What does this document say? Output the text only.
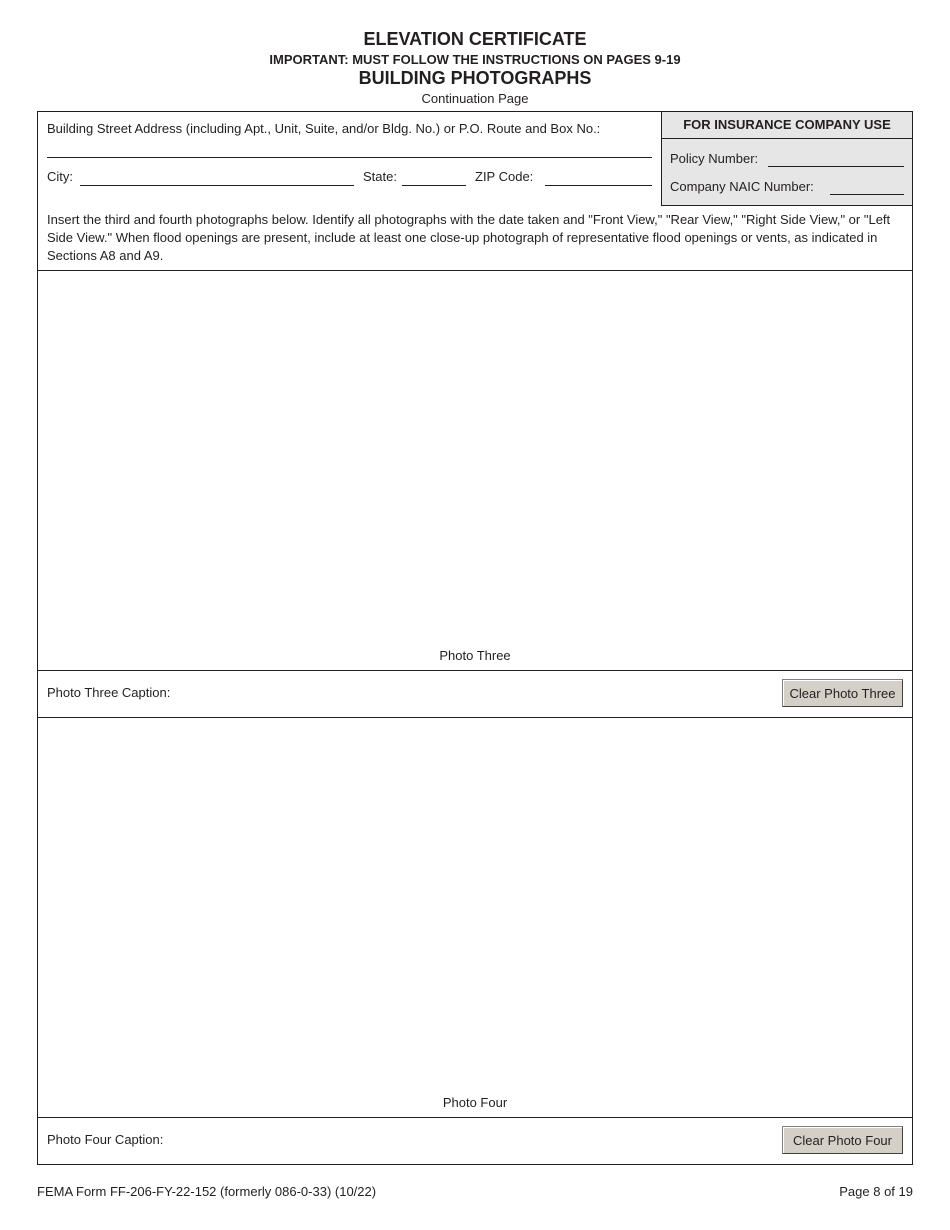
ELEVATION CERTIFICATE
IMPORTANT: MUST FOLLOW THE INSTRUCTIONS ON PAGES 9-19
BUILDING PHOTOGRAPHS
Continuation Page
Building Street Address (including Apt., Unit, Suite, and/or Bldg. No.) or P.O. Route and Box No.:
City:	State:	ZIP Code:
FOR INSURANCE COMPANY USE
Policy Number:
Company NAIC Number:
Insert the third and fourth photographs below. Identify all photographs with the date taken and "Front View," "Rear View," "Right Side View," or "Left Side View." When flood openings are present, include at least one close-up photograph of representative flood openings or vents, as indicated in Sections A8 and A9.
Photo Three
Photo Three Caption:	Clear Photo Three
Photo Four
Photo Four Caption:	Clear Photo Four
FEMA Form FF-206-FY-22-152 (formerly 086-0-33) (10/22)	Page 8 of 19
